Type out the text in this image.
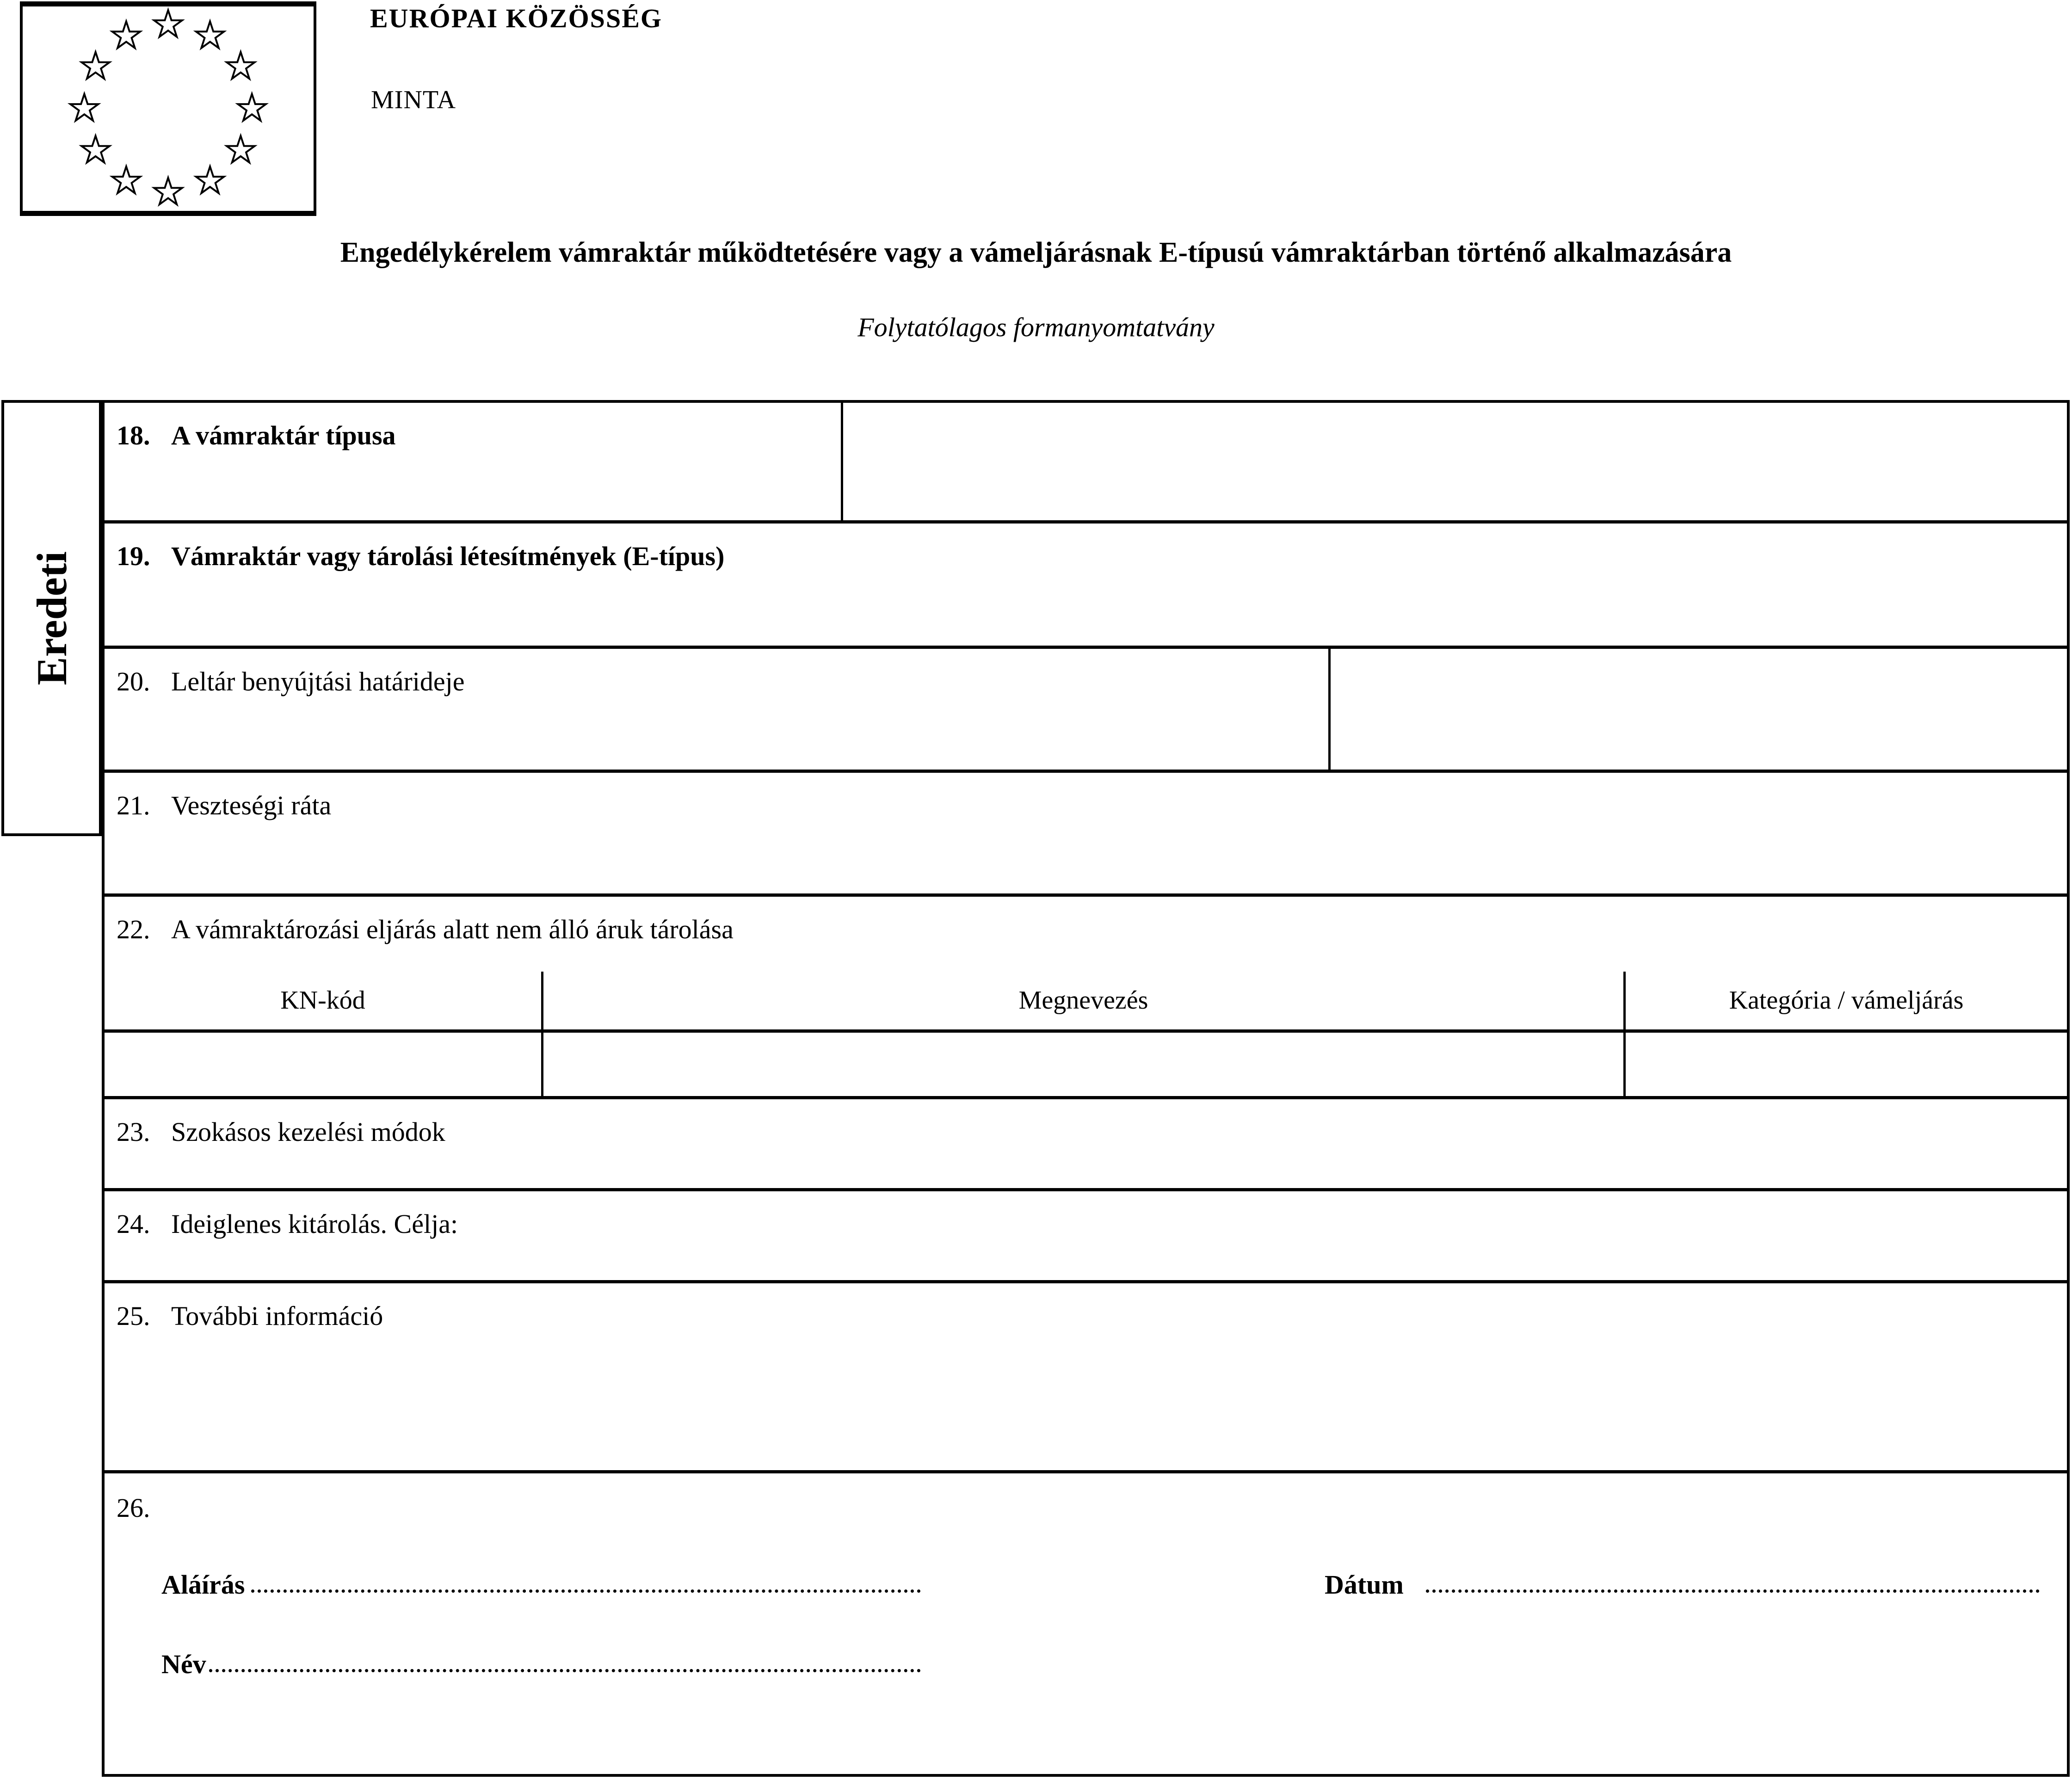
EURÓPAI KÖZÖSSÉG
MINTA
Engedélykérelem vámraktár működtetésére vagy a vámeljárásnak E-típusú vámraktárban történő alkalmazására
Folytatólagos formanyomtatvány
Eredeti
18. A vámraktár típusa
19. Vámraktár vagy tárolási létesítmények (E-típus)
20. Leltár benyújtási határideje
21. Veszteségi ráta
22. A vámraktározási eljárás alatt nem álló áruk tárolása
KN-kód	Megnevezés	Kategória / vámeljárás
23. Szokásos kezelési módok
24. Ideiglenes kitárolás. Célja:
25. További információ
26.
Aláírás	Dátum
Név
